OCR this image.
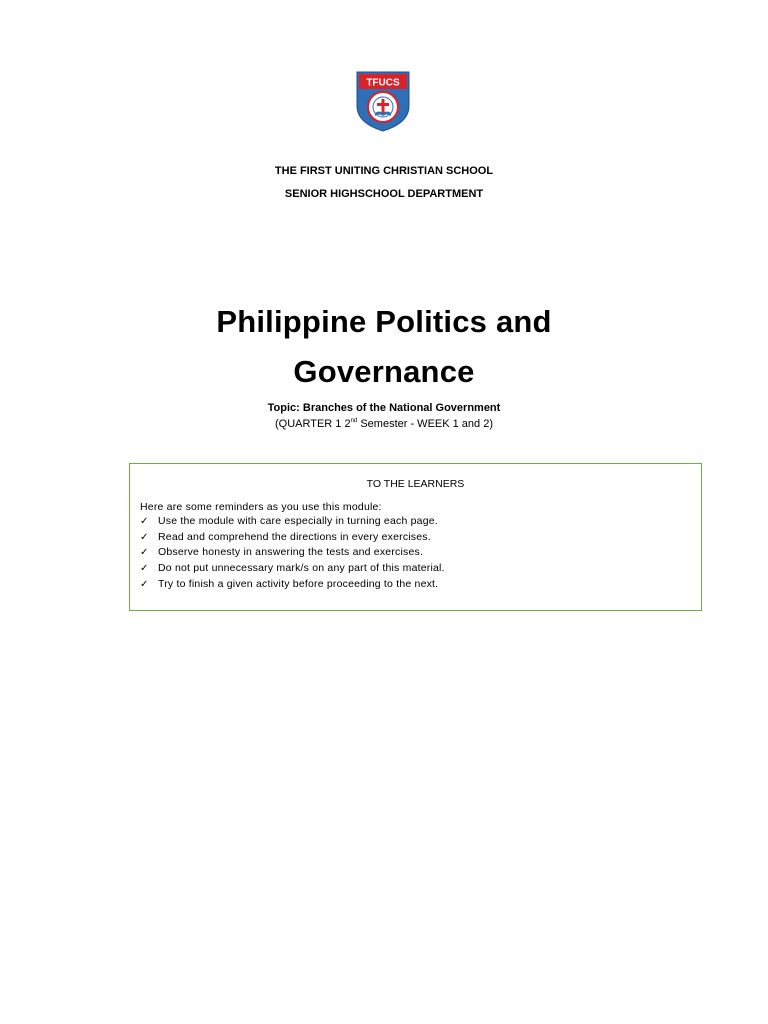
TFUCS
THE FIRST UNITING CHRISTIAN SCHOOL
SENIOR HIGHSCHOOL DEPARTMENT
Philippine Politics and
Governance
Topic: Branches of the National Government
(QUARTER 1 2nd Semester - WEEK 1 and 2)
TO THE LEARNERS
Here are some reminders as you use this module:
✓ Use the module with care especially in turning each page.
✓ Read and comprehend the directions in every exercises.
✓ Observe honesty in answering the tests and exercises.
✓ Do not put unnecessary mark/s on any part of this material.
✓ Try to finish a given activity before proceeding to the next.
